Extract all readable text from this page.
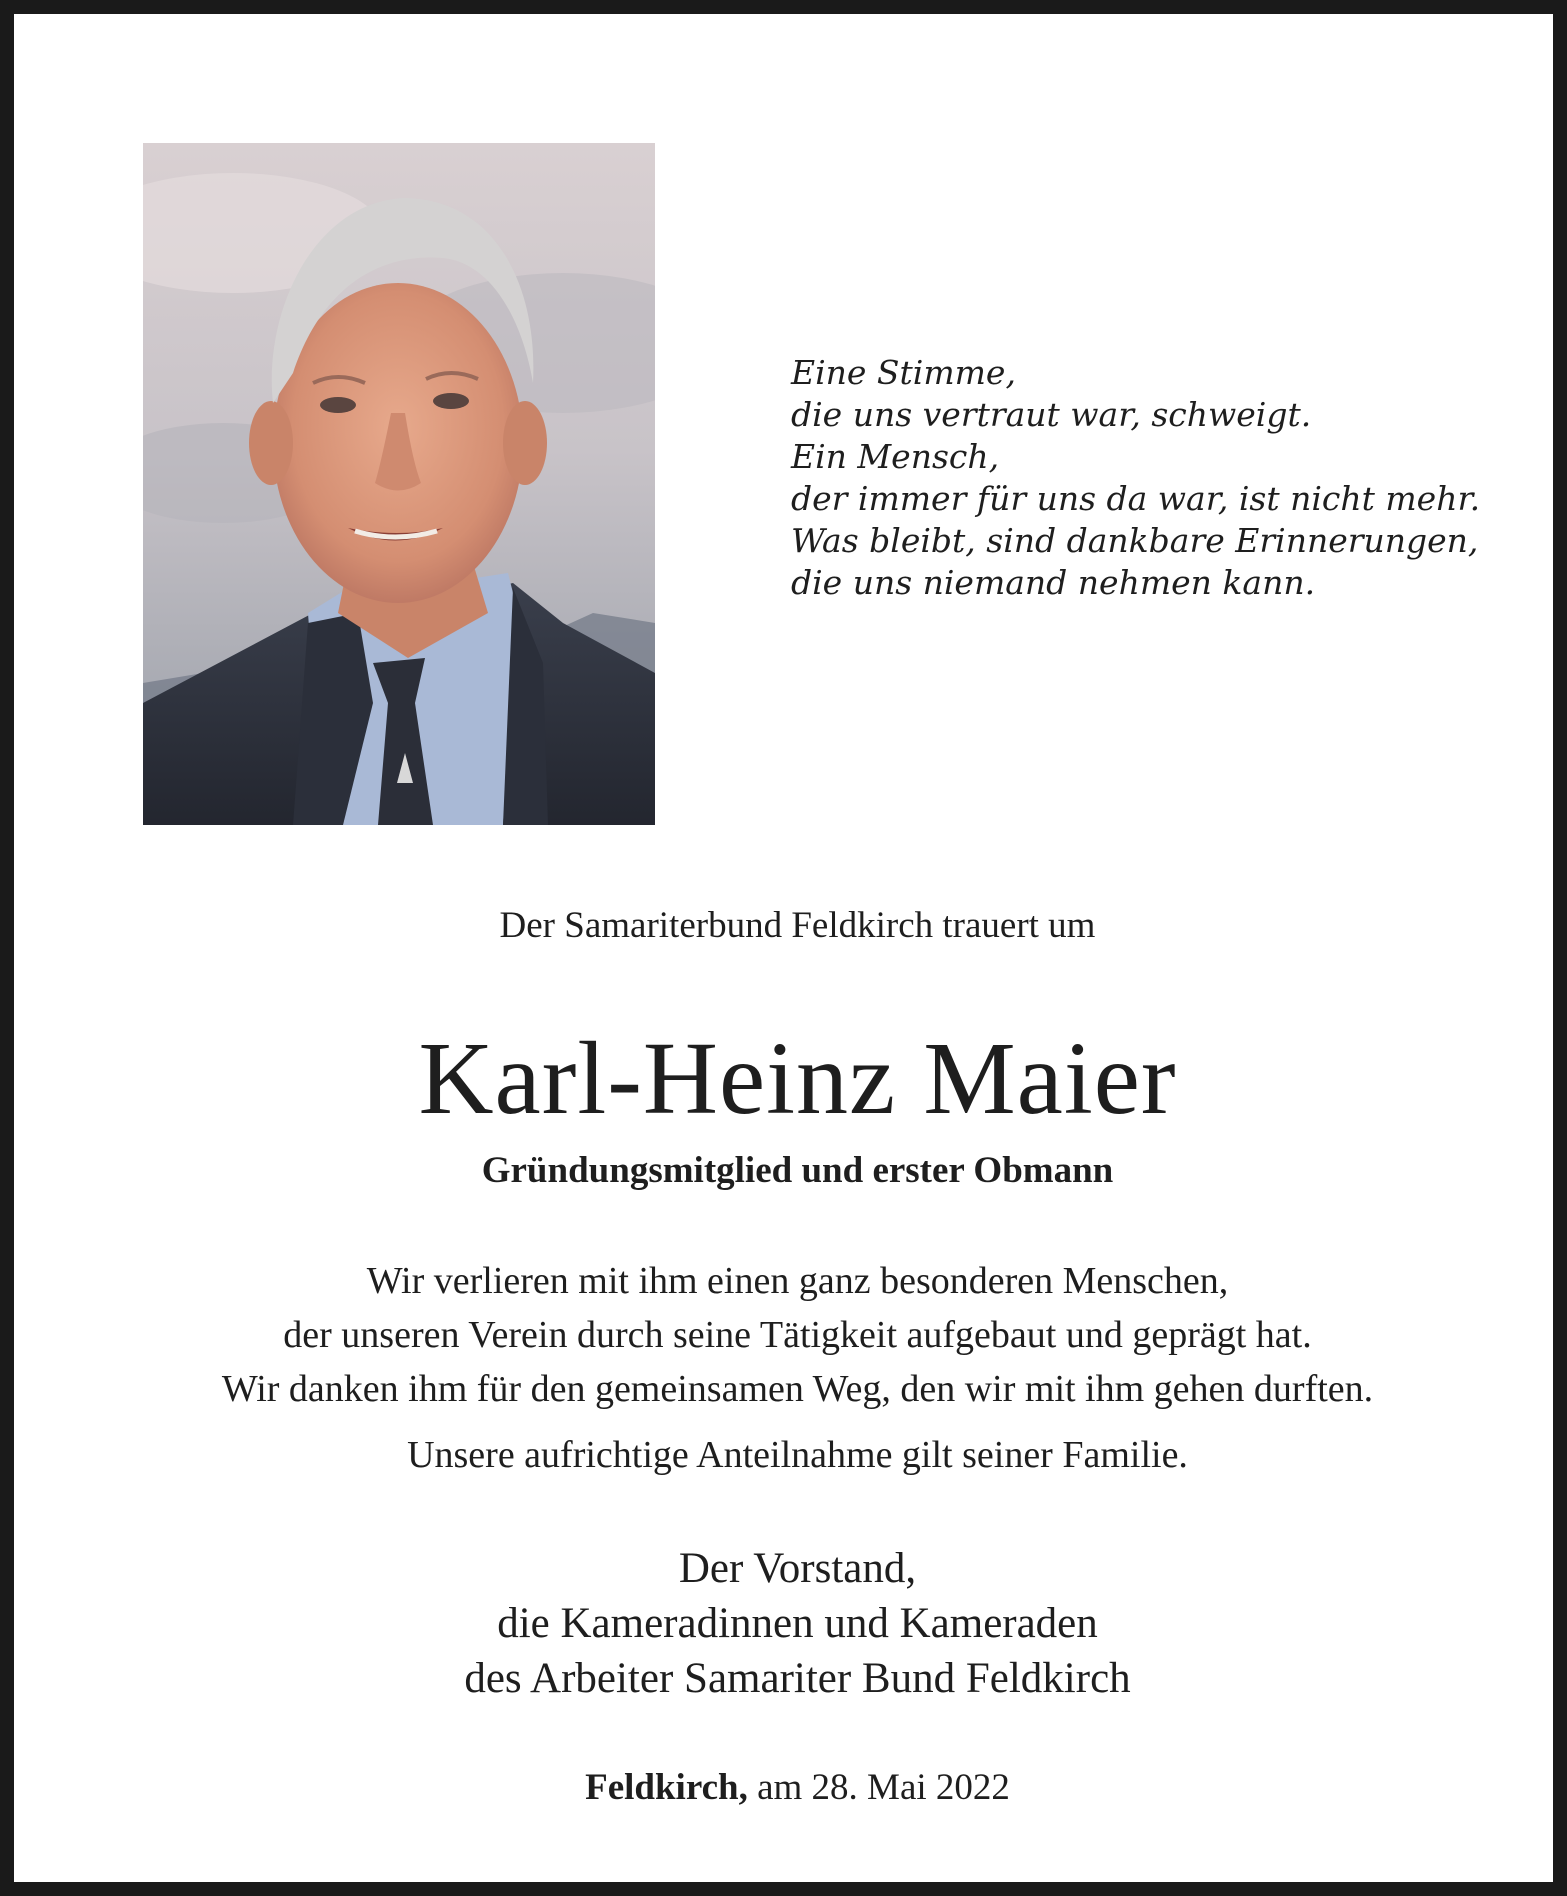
Eine Stimme,
die uns vertraut war, schweigt.
Ein Mensch,
der immer für uns da war, ist nicht mehr.
Was bleibt, sind dankbare Erinnerungen,
die uns niemand nehmen kann.
Der Samariterbund Feldkirch trauert um
Karl-Heinz Maier
Gründungsmitglied und erster Obmann
Wir verlieren mit ihm einen ganz besonderen Menschen,
der unseren Verein durch seine Tätigkeit aufgebaut und geprägt hat.
Wir danken ihm für den gemeinsamen Weg, den wir mit ihm gehen durften.
Unsere aufrichtige Anteilnahme gilt seiner Familie.
Der Vorstand,
die Kameradinnen und Kameraden
des Arbeiter Samariter Bund Feldkirch
Feldkirch, am 28. Mai 2022
